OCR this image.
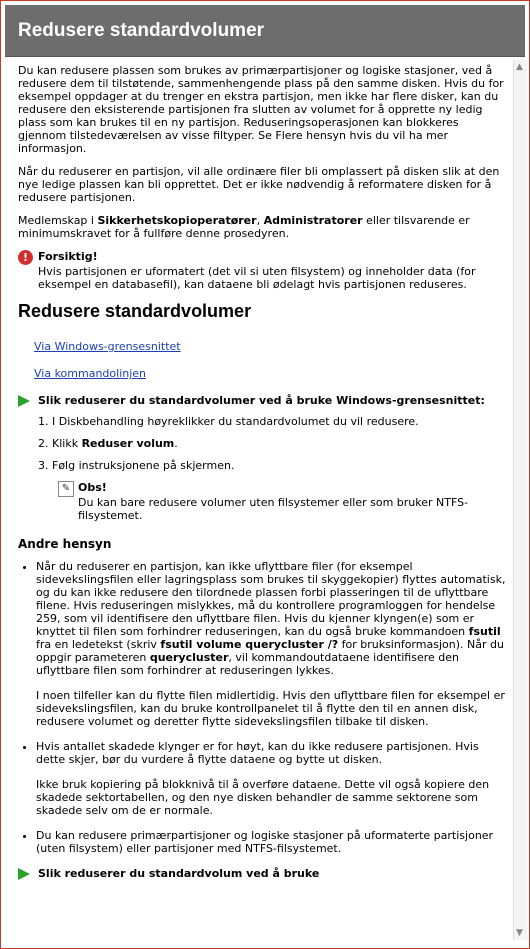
Redusere standardvolumer
▲
▼

Du kan redusere plassen som brukes av primærpartisjoner og logiske stasjoner, ved å redusere dem til tilstøtende, sammenhengende plass på den samme disken. Hvis du for eksempel oppdager at du trenger en ekstra partisjon, men ikke har flere disker, kan du redusere den eksisterende partisjonen fra slutten av volumet for å opprette ny ledig plass som kan brukes til en ny partisjon. Reduseringsoperasjonen kan blokkeres gjennom tilstedeværelsen av visse filtyper. Se Flere hensyn hvis du vil ha mer informasjon.

Når du reduserer en partisjon, vil alle ordinære filer bli omplassert på disken slik at den nye ledige plassen kan bli opprettet. Det er ikke nødvendig å reformatere disken for å redusere partisjonen.

Medlemskap i Sikkerhetskopioperatører, Administratorer eller tilsvarende er minimumskravet for å fullføre denne prosedyren.

! Forsiktig!
Hvis partisjonen er uformatert (det vil si uten filsystem) og inneholder data (for eksempel en databasefil), kan dataene bli ødelagt hvis partisjonen reduseres.
Redusere standardvolumer
Via Windows-grensesnittet
Via kommandolinjen
Slik reduserer du standardvolumer ved å bruke Windows-grensesnittet:
1. I Diskbehandling høyreklikker du standardvolumet du vil redusere.
2. Klikk Reduser volum.
3. Følg instruksjonene på skjermen.
✎ Obs!
Du kan bare redusere volumer uten filsystemer eller som bruker NTFS-filsystemet.
Andre hensyn

• Når du reduserer en partisjon, kan ikke uflyttbare filer (for eksempel sidevekslingsfilen eller lagringsplass som brukes til skyggekopier) flyttes automatisk, og du kan ikke redusere den tilordnede plassen forbi plasseringen til de uflyttbare filene. Hvis reduseringen mislykkes, må du kontrollere programloggen for hendelse 259, som vil identifisere den uflyttbare filen. Hvis du kjenner klyngen(e) som er knyttet til filen som forhindrer reduseringen, kan du også bruke kommandoen fsutil fra en ledetekst (skriv fsutil volume querycluster /? for bruksinformasjon). Når du oppgir parameteren querycluster, vil kommandoutdataene identifisere den uflyttbare filen som forhindrer at reduseringen lykkes.

I noen tilfeller kan du flytte filen midlertidig. Hvis den uflyttbare filen for eksempel er sidevekslingsfilen, kan du bruke kontrollpanelet til å flytte den til en annen disk, redusere volumet og deretter flytte sidevekslingsfilen tilbake til disken.

• Hvis antallet skadede klynger er for høyt, kan du ikke redusere partisjonen. Hvis dette skjer, bør du vurdere å flytte dataene og bytte ut disken.

Ikke bruk kopiering på blokknivå til å overføre dataene. Dette vil også kopiere den skadede sektortabellen, og den nye disken behandler de samme sektorene som skadede selv om de er normale.

• Du kan redusere primærpartisjoner og logiske stasjoner på uformaterte partisjoner (uten filsystem) eller partisjoner med NTFS-filsystemet.

Slik reduserer du standardvolum ved å bruke
